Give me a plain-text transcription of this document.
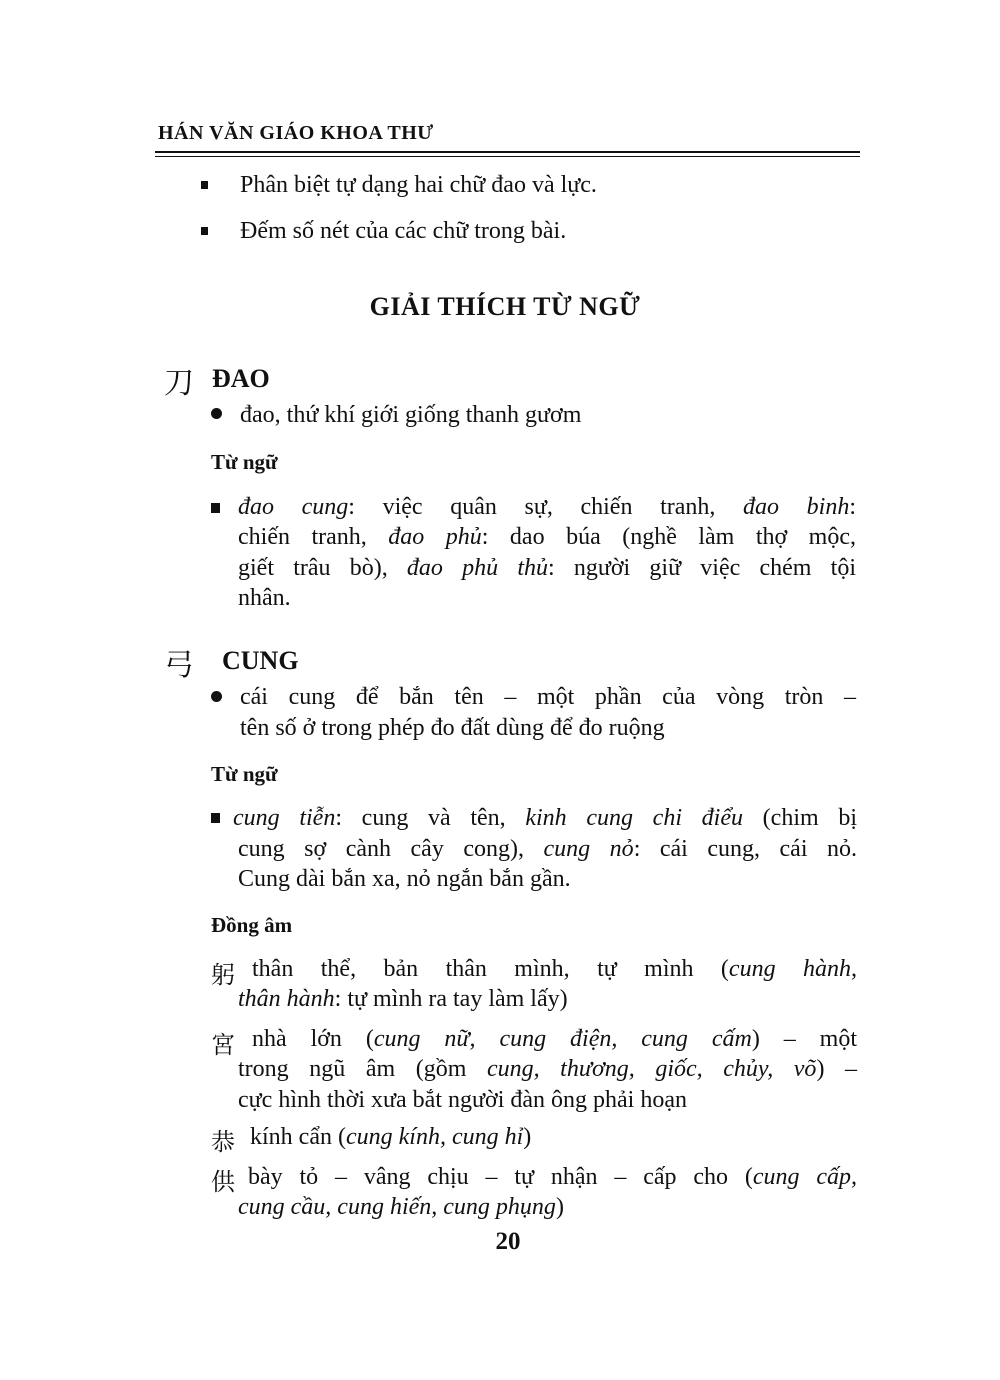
HÁN VĂN GIÁO KHOA THƯ
Phân biệt tự dạng hai chữ đao và lực.
Đếm số nét của các chữ trong bài.
GIẢI THÍCH TỪ NGỮ
刀 ĐAO
đao, thứ khí giới giống thanh gươm
Từ ngữ
đao cung: việc quân sự, chiến tranh, đao binh:
chiến tranh, đao phủ: dao búa (nghề làm thợ mộc,
giết trâu bò), đao phủ thủ: người giữ việc chém tội
nhân.
弓 CUNG
cái cung để bắn tên – một phần của vòng tròn –
tên số ở trong phép đo đất dùng để đo ruộng
Từ ngữ
cung tiễn: cung và tên, kinh cung chi điểu (chim bị
cung sợ cành cây cong), cung nỏ: cái cung, cái nỏ.
Cung dài bắn xa, nỏ ngắn bắn gần.
Đồng âm
躬 thân thể, bản thân mình, tự mình (cung hành,
thân hành: tự mình ra tay làm lấy)
宮 nhà lớn (cung nữ, cung điện, cung cấm) – một
trong ngũ âm (gồm cung, thương, giốc, chủy, võ) –
cực hình thời xưa bắt người đàn ông phải hoạn
恭 kính cẩn (cung kính, cung hỉ)
供 bày tỏ – vâng chịu – tự nhận – cấp cho (cung cấp,
cung cầu, cung hiến, cung phụng)
20
